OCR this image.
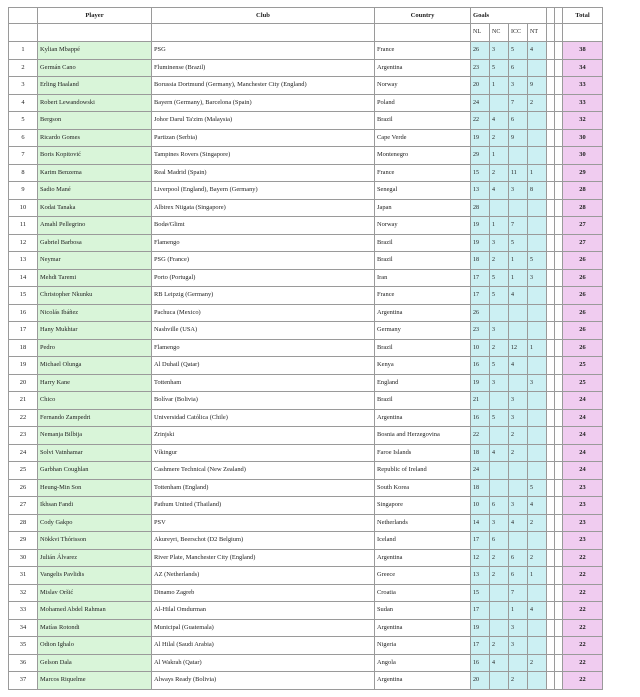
	Player	Club	Country	Goals						Total
				NL	NC	ICC	NT			
1	Kylian Mbappé	PSG	France	26	3	5	4			38
2	Germán Cano	Fluminense (Brazil)	Argentina	23	5	6				34
3	Erling Haaland	Borussia Dortmund (Germany), Manchester City (England)	Norway	20	1	3	9			33
4	Robert Lewandowski	Bayern (Germany), Barcelona (Spain)	Poland	24		7	2			33
5	Bergson	Johor Darul Ta'zim (Malaysia)	Brazil	22	4	6				32
6	Ricardo Gomes	Partizan (Serbia)	Cape Verde	19	2	9				30
7	Boris Kopitović	Tampines Rovers (Singapore)	Montenegro	29	1					30
8	Karim Benzema	Real Madrid (Spain)	France	15	2	11	1			29
9	Sadio Mané	Liverpool (England), Bayern (Germany)	Senegal	13	4	3	8			28
10	Kodai Tanaka	Albirex Niigata (Singapore)	Japan	28						28
11	Amahl Pellegrino	Bodø/Glimt	Norway	19	1	7				27
12	Gabriel Barbosa	Flamengo	Brazil	19	3	5				27
13	Neymar	PSG (France)	Brazil	18	2	1	5			26
14	Mehdi Taremi	Porto (Portugal)	Iran	17	5	1	3			26
15	Christopher Nkunku	RB Leipzig (Germany)	France	17	5	4				26
16	Nicolás Ibáñez	Pachuca (Mexico)	Argentina	26						26
17	Hany Mukhtar	Nashville (USA)	Germany	23	3					26
18	Pedro	Flamengo	Brazil	10	2	12	1			26
19	Michael Olunga	Al Duhail (Qatar)	Kenya	16	5	4				25
20	Harry Kane	Tottenham	England	19	3		3			25
21	Chico	Bolívar (Bolivia)	Brazil	21		3				24
22	Fernando Zampedri	Universidad Católica (Chile)	Argentina	16	5	3				24
23	Nemanja Bilbija	Zrinjski	Bosnia and Herzegovina	22		2				24
24	Solvi Vatnhamar	Víkingur	Faroe Islands	18	4	2				24
25	Garbhan Coughlan	Cashmere Technical (New Zealand)	Republic of Ireland	24						24
26	Heung-Min Son	Tottenham (England)	South Korea	18			5			23
27	Ikhsan Fandi	Pathum United (Thailand)	Singapore	10	6	3	4			23
28	Cody Gakpo	PSV	Netherlands	14	3	4	2			23
29	Nökkvi Thórisson	Akureyri, Beerschot (D2 Belgium)	Iceland	17	6					23
30	Julián Álvarez	River Plate, Manchester City (England)	Argentina	12	2	6	2			22
31	Vangelis Pavlidis	AZ (Netherlands)	Greece	13	2	6	1			22
32	Mislav Oršić	Dinamo Zagreb	Croatia	15		7				22
33	Mohamed Abdel Rahman	Al-Hilal Omdurman	Sudan	17		1	4			22
34	Matías Rotondi	Municipal (Guatemala)	Argentina	19		3				22
35	Odion Ighalo	Al Hilal (Saudi Arabia)	Nigeria	17	2	3				22
36	Gelson Dala	Al Wakrah (Qatar)	Angola	16	4		2			22
37	Marcos Riquelme	Always Ready (Bolivia)	Argentina	20		2				22
